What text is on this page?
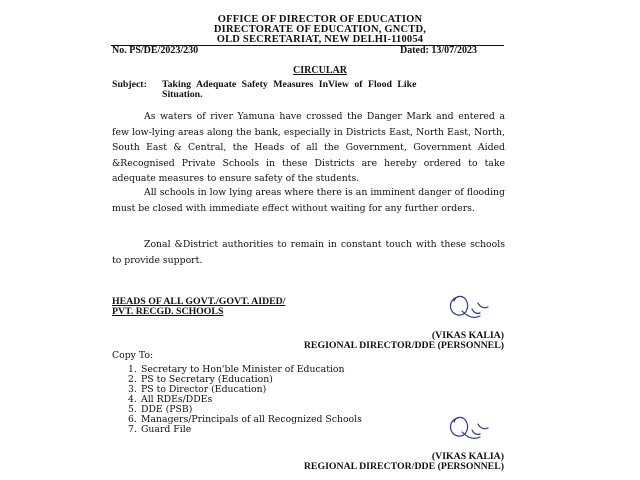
OFFICE OF DIRECTOR OF EDUCATION
DIRECTORATE OF EDUCATION, GNCTD,
OLD SECRETARIAT, NEW DELHI-110054
No. PS/DE/2023/230	Dated: 13/07/2023
CIRCULAR
Subject: Taking Adequate Safety Measures InView of Flood Like
Situation.
As waters of river Yamuna have crossed the Danger Mark and entered a few low-lying areas along the bank, especially in Districts East, North East, North, South East & Central, the Heads of all the Government, Government Aided &Recognised Private Schools in these Districts are hereby ordered to take adequate measures to ensure safety of the students.
All schools in low lying areas where there is an imminent danger of flooding must be closed with immediate effect without waiting for any further orders.
Zonal &District authorities to remain in constant touch with these schools to provide support.
HEADS OF ALL GOVT./GOVT. AIDED/
PVT. RECGD. SCHOOLS
(VIKAS KALIA)
REGIONAL DIRECTOR/DDE (PERSONNEL)
Copy To:
1. Secretary to Hon'ble Minister of Education
2. PS to Secretary (Education)
3. PS to Director (Education)
4. All RDEs/DDEs
5. DDE (PSB)
6. Managers/Principals of all Recognized Schools
7. Guard File
(VIKAS KALIA)
REGIONAL DIRECTOR/DDE (PERSONNEL)
